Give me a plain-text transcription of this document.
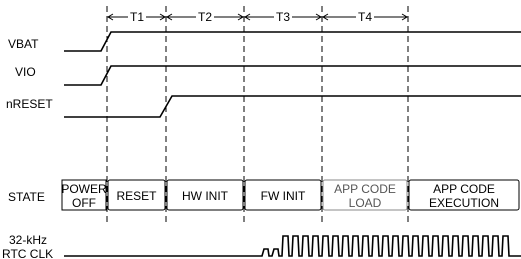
T1	T2	T3	T4
VBAT
VIO
nRESET
STATE
32-kHz
RTC CLK
POWER
OFF RESET HW INIT	FW INIT APP CODE
LOAD
APP CODE
EXECUTION
